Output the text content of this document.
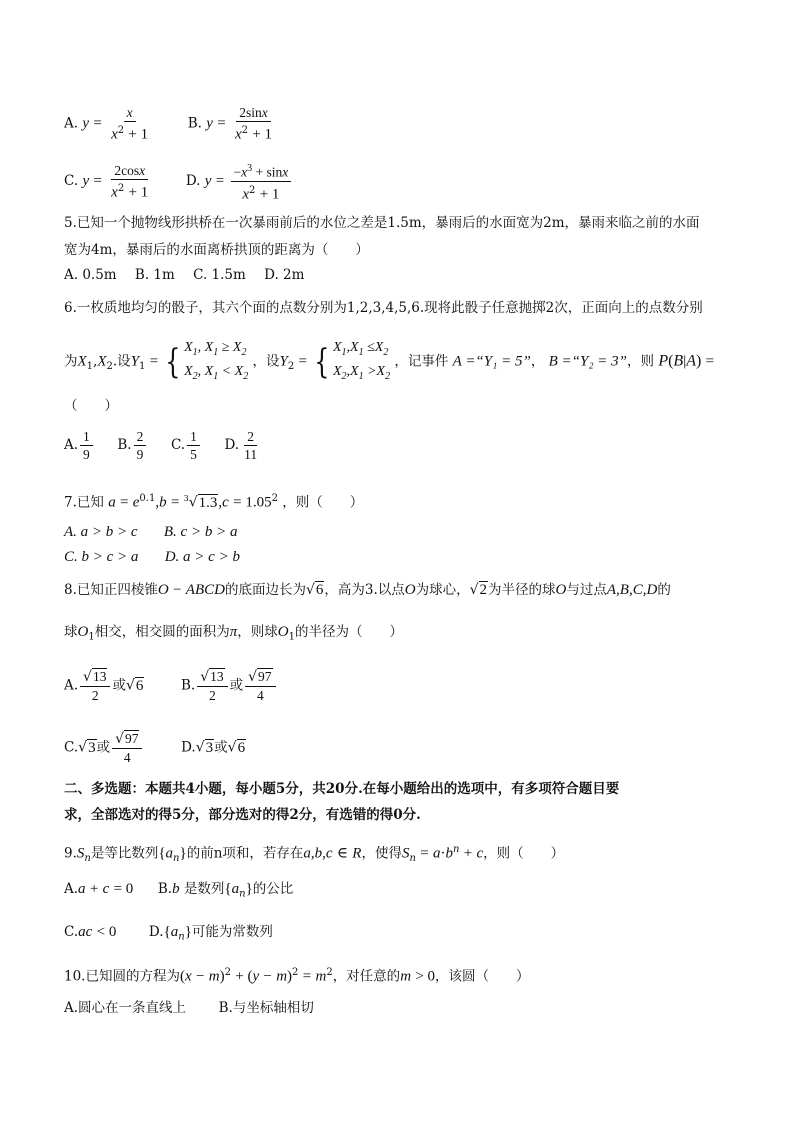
A. $y = \frac{x}{x^2 + 1}$	B. $y = \frac{2\sin x}{x^2 + 1}$
C. $y = \frac{2\cos x}{x^2 + 1}$	D. $y = \frac{-x^3 + \sin x}{x^2 + 1}$
5.已知一个抛物线形拱桥在一次暴雨前后的水位之差是1.5m，暴雨后的水面宽为2m，暴雨来临之前的水面
宽为4m，暴雨后的水面离桥拱顶的距离为（　　）
A. 0.5m B. 1m C. 1.5m D. 2m
6.一枚质地均匀的骰子，其六个面的点数分别为1,2,3,4,5,6.现将此骰子任意抛掷2次，正面向上的点数分别
为$X_1,X_2$.设$Y_1$ = { $X_1$, $X_1 \ge X_2$
$X_2$, $X_1 < X_2$
，设$Y_2$ = { $X_1,X_1 \le X_2$
$X_2,X_1 >X_2$
，记事件 A =“Y₁ = 5”， B =“Y₂ = 3”，则 P(B|A) =
（　　）
A. $\frac{1}{9} B$. $\frac{2}{9} C$. $\frac{1}{5} D$. $\frac{2}{11}$
7.已知 $a = e^{0.1},b = ^3√1.3,c = 1.05^2$ ，则（　　）
A. a > b > c B. c > b > a
C. b > c > a D. a > c > b
8.已知正四棱锥O − ABCD的底面边长为√6，高为3.以点O为球心，√2为半径的球O与过点A,B,C,D的
球$O_1$相交，相交圆的面积为π，则球$O_1$的半径为（　　）
A. $\frac{√13}{2}$ 或√6	B. $\frac{√13}{2}$ 或 $\frac{√97}{4}$
C.√3或 $\frac{√97}{4}$	D.√3或√6
二、多选题：本题共4小题，每小题5分，共20分.在每小题给出的选项中，有多项符合题目要
求，全部选对的得5分，部分选对的得2分，有选错的得0分.
$9.S_n$是等比数列$\{a_n\}$的前n项和，若存在a,b,c ∈ R，使得$S_n = a\cdot b^n + c$，则（　　）
A.a + c = 0 B.b 是数列$\{a_n\}$的公比
C.ac < 0 $D.\{a_n\}$可能为常数列
10.已知圆的方程为$(x - m)^2 + (y - m)^2 = m^2$，对任意的m > 0，该圆（　　）
A.圆心在一条直线上 B.与坐标轴相切
